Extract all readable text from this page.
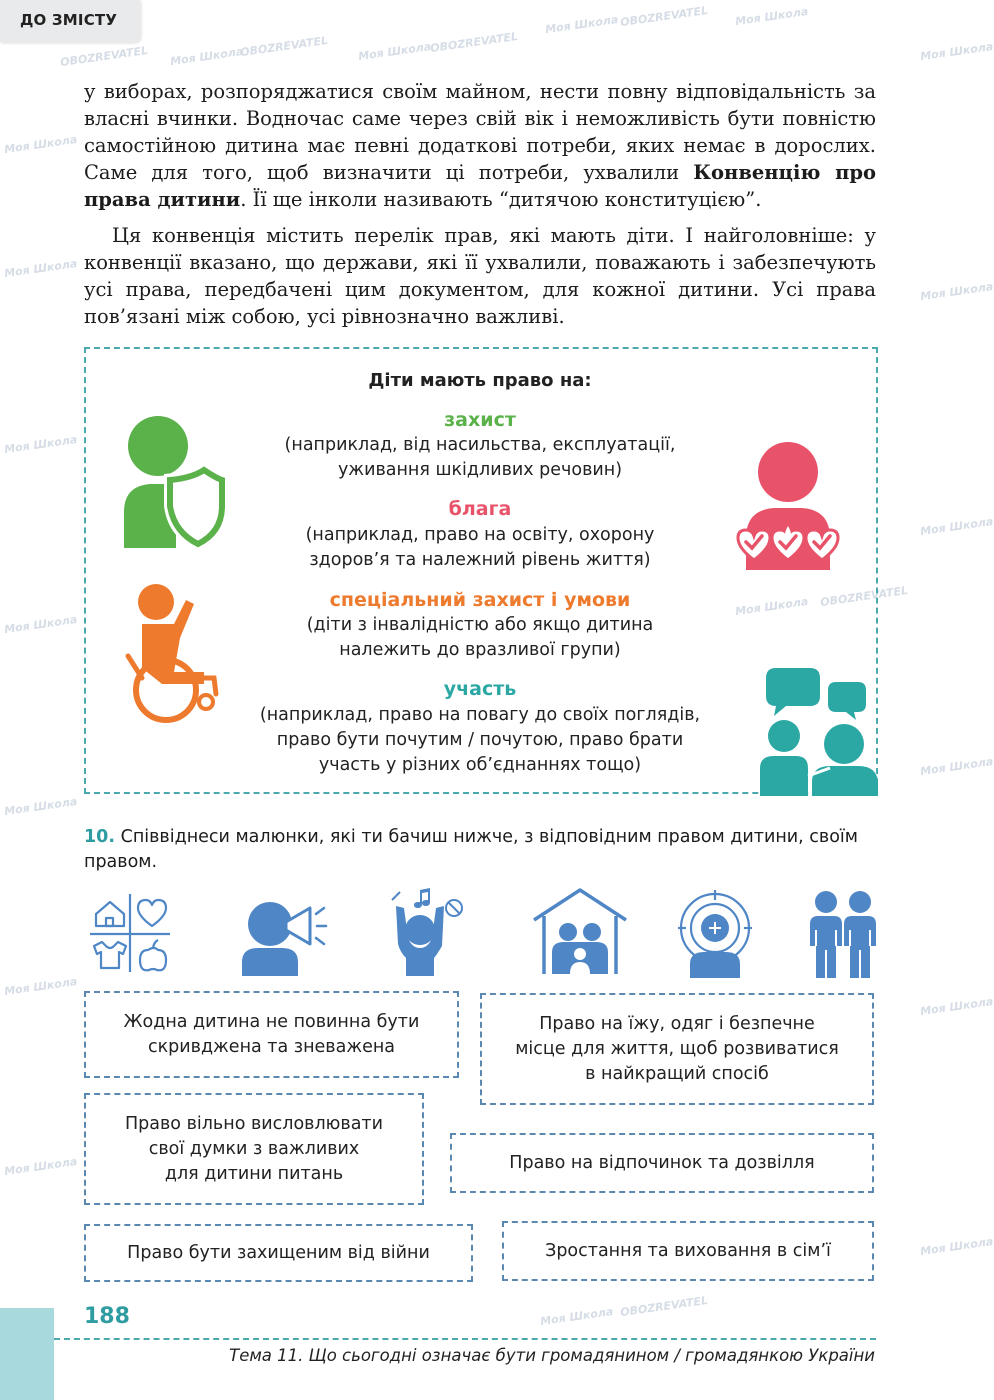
Моя Школа
OBOZREVATEL
Моя Школа OBOZREVATEL Моя Школа
OBOZREVATEL	Моя Школа
OBOZREVATEL	Моя Школа
Моя Школа
Моя Школа
Моя Школа
Моя Школа
Моя Школа
Моя Школа
Моя Школа
Моя Школа
Моя Школа
Моя Школа
Моя Школа
Моя Школа
Моя Школа OBOZREVATEL
Моя Школа OBOZREVATEL
ДО ЗМІСТУ
у виборах, розпоряджатися своїм майном, нести повну відповідальність за власні вчинки. Водночас саме через свій вік і неможливість бути повністю самостійною дитина має певні додаткові потреби, яких немає в дорослих. Саме для того, щоб визначити ці потреби, ухвалили Конвенцію про права дитини. Її ще інколи називають “дитячою конституцією”.
Ця конвенція містить перелік прав, які мають діти. І найголовніше: у конвенції вказано, що держави, які її ухвалили, поважають і забезпечують усі права, передбачені цим документом, для кожної дитини. Усі права пов’язані між собою, усі рівнозначно важливі.
Діти мають право на:
захист
(наприклад, від насильства, експлуатації,
уживання шкідливих речовин)
блага
(наприклад, право на освіту, охорону
здоров’я та належний рівень життя)
спеціальний захист і умови
(діти з інвалідністю або якщо дитина
належить до вразливої групи)
участь
(наприклад, право на повагу до своїх поглядів,
право бути почутим / почутою, право брати
участь у різних об’єднаннях тощо)
10. Співвіднеси малюнки, які ти бачиш нижче, з відповідним правом дитини, своїм правом.
Жодна дитина не повинна бути
скривджена та зневажена
Право на їжу, одяг і безпечне
місце для життя, щоб розвиватися
в найкращий спосіб
Право вільно висловлювати
свої думки з важливих
для дитини питань
Право на відпочинок та дозвілля
Право бути захищеним від війни	Зростання та виховання в сім’ї
188
Тема 11. Що сьогодні означає бути громадянином / громадянкою України
